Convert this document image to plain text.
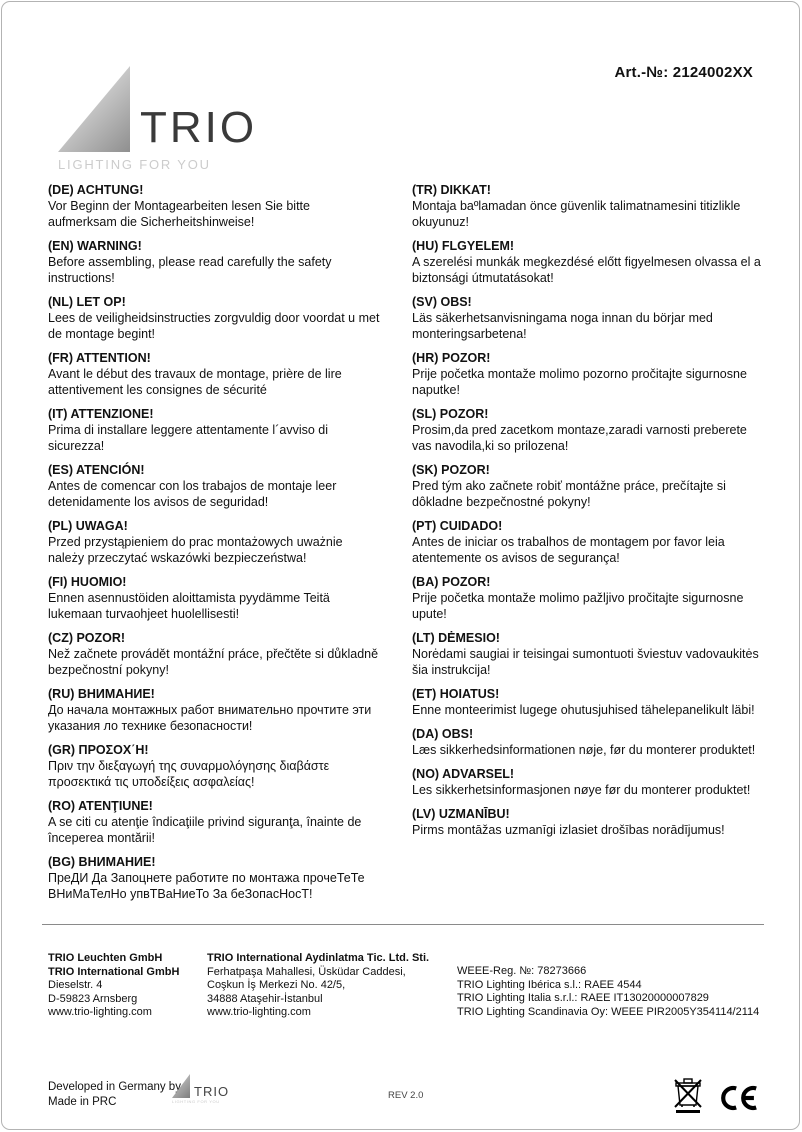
Art.-№: 2124002XX
TRIO
LIGHTING FOR YOU
(DE) ACHTUNG!
Vor Beginn der Montagearbeiten lesen Sie bitte aufmerksam die Sicherheitshinweise!
(EN) WARNING!
Before assembling, please read carefully the safety instructions!
(NL) LET OP!
Lees de veiligheidsinstructies zorgvuldig door voordat u met de montage begint!
(FR) ATTENTION!
Avant le début des travaux de montage, prière de lire attentivement les consignes de sécurité
(IT) ATTENZIONE!
Prima di installare leggere attentamente l´avviso di sicurezza!
(ES) ATENCIÓN!
Antes de comencar con los trabajos de montaje leer detenidamente los avisos de seguridad!
(PL) UWAGA!
Przed przystąpieniem do prac montażowych uważnie należy przeczytać wskazówki bezpieczeństwa!
(FI) HUOMIO!
Ennen asennustöiden aloittamista pyydämme Teitä lukemaan turvaohjeet huolellisesti!
(CZ) POZOR!
Než začnete provádět montážní práce, přečtěte si důkladně bezpečnostní pokyny!
(RU) ВНИМАНИЕ!
До начала монтажных работ внимательно прочтите эти указания ло технике безопасности!
(GR) ΠΡΟΣΟΧ΄Η!
Πριν την διεξαγωγή της συναρμολόγησης διαβάστε προσεκτικά τις υποδείξεις ασφαλείας!
(RO) ATENŢIUNE!
A se citi cu atenţie îndicaţiile privind siguranţa, înainte de începerea montării!
(BG) ВНИМАНИЕ!
ПреДИ Да Запоцнете работите по монтажа прочеТеТе ВНиМаТелНо упвТВаНиеТо За беЗопасНосТ!
(TR) DIKKAT!
Montaja baºlamadan önce güvenlik talimatnamesini titizlikle okuyunuz!
(HU) FLGYELEM!
A szerelési munkák megkezdésé előtt figyelmesen olvassa el a biztonsági útmutatásokat!
(SV) OBS!
Läs säkerhetsanvisningama noga innan du börjar med monteringsarbetena!
(HR) POZOR!
Prije početka montaže molimo pozorno pročitajte sigurnosne naputke!
(SL) POZOR!
Prosim,da pred zacetkom montaze,zaradi varnosti preberete vas navodila,ki so prilozena!
(SK) POZOR!
Pred tým ako začnete robiť montážne práce, prečítajte si dôkladne bezpečnostné pokyny!
(PT) CUIDADO!
Antes de iniciar os trabalhos de montagem por favor leia atentemente os avisos de segurança!
(BA) POZOR!
Prije početka montaže molimo pažljivo pročitajte sigurnosne upute!
(LT) DĖMESIO!
Norėdami saugiai ir teisingai sumontuoti šviestuv vadovaukitės šia instrukcija!
(ET) HOIATUS!
Enne monteerimist lugege ohutusjuhised tähelepanelikult läbi!
(DA) OBS!
Læs sikkerhedsinformationen nøje, før du monterer produktet!
(NO) ADVARSEL!
Les sikkerhetsinformasjonen nøye før du monterer produktet!
(LV) UZMANĪBU!
Pirms montāžas uzmanīgi izlasiet drošības norādījumus!
TRIO Leuchten GmbH
TRIO International GmbH
Dieselstr. 4
D-59823 Arnsberg
www.trio-lighting.com
TRIO International Aydinlatma Tic. Ltd. Sti.
Ferhatpaşa Mahallesi, Üsküdar Caddesi,
Coşkun İş Merkezi No. 42/5,
34888 Ataşehir-İstanbul
www.trio-lighting.com
WEEE-Reg. №: 78273666
TRIO Lighting Ibérica s.l.: RAEE 4544
TRIO Lighting Italia s.r.l.: RAEE IT13020000007829
TRIO Lighting Scandinavia Oy: WEEE PIR2005Y354114/2114
Developed in Germany by
Made in PRC
TRIO
LIGHTING FOR YOU
REV 2.0
